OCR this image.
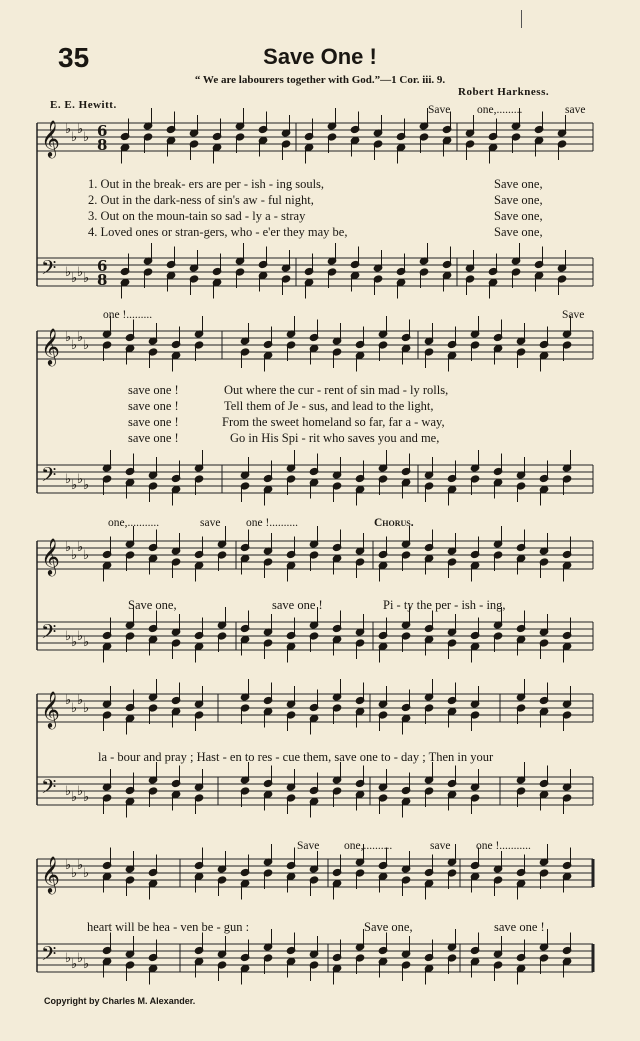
35	Save One !
“ We are labourers together with God.”—1 Cor. iii. 9.
Robert Harkness.
E. E. Hewitt.
𝄞 ♭
♭
♭
♭
𝄢 ♭ ♭ ♭ ♭
𝄞 ♭
♭
♭
♭
𝄢 ♭ ♭ ♭ ♭
𝄞 ♭
♭
♭
♭
𝄢 ♭ ♭ ♭ ♭
𝄞 ♭
♭
♭
♭
𝄢 ♭ ♭ ♭ ♭
𝄞 ♭
♭
♭
♭
𝄢 ♭ ♭ ♭ ♭
6
8
6
8
Save one,.........	save
1. Out in the break- ers are per - ish - ing souls,	Save one,
2. Out in the dark-ness of sin's aw - ful night,	Save one,
3. Out on the moun-tain so sad - ly a - stray	Save one,
4. Loved ones or stran-gers, who - e'er they may be,	Save one,
one !.........	Save
save one !	Out where the cur - rent of sin mad - ly rolls,
save one !	Tell them of Je - sus, and lead to the light,
save one !	From the sweet homeland so far, far a - way,
save one !	Go in His Spi - rit who saves you and me,
one,...........	save one !..........	Chorus.
Save one,	save one !	Pi - ty the per - ish - ing,
la - bour and pray ; Hast - en to res - cue them, save one to - day ; Then in your
Save one,..........	save one !...........
heart will be hea - ven be - gun :	Save one,	save one !
Copyright by Charles M. Alexander.
